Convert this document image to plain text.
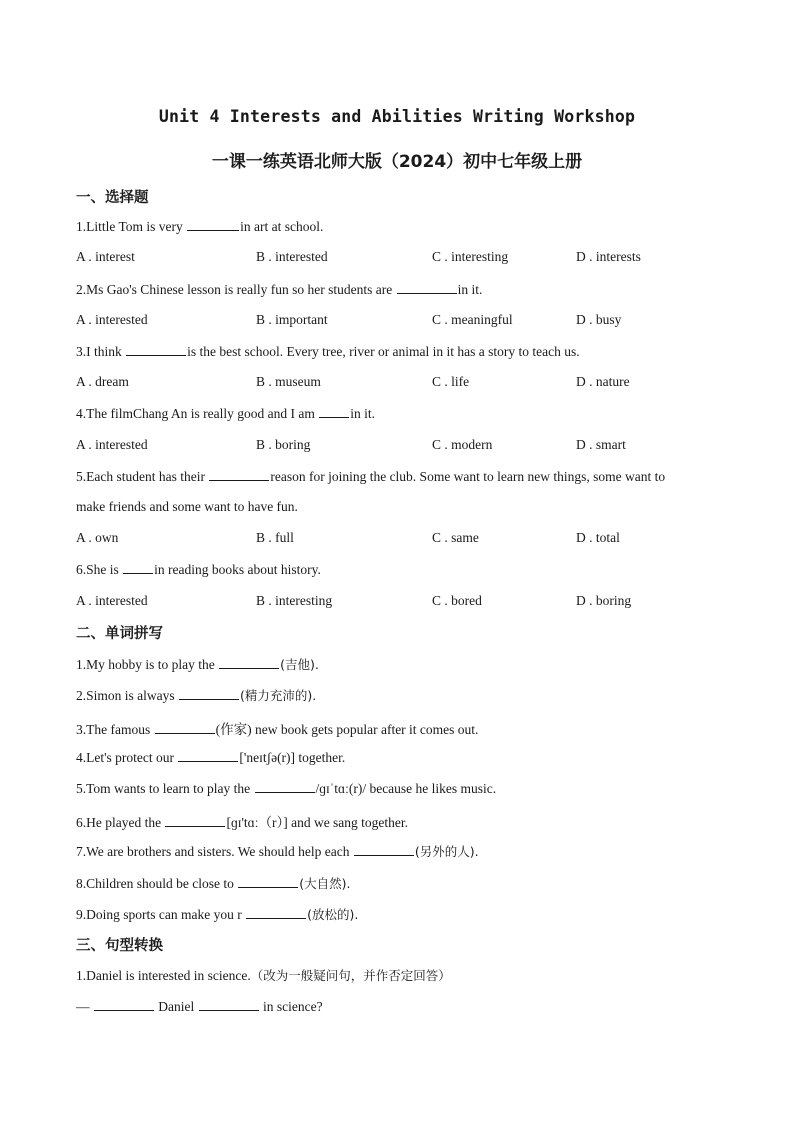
Unit 4 Interests and Abilities Writing Workshop
一课一练英语北师大版（2024）初中七年级上册
一、选择题
1.Little Tom is very	in art at school.
A . interest	B . interested	C . interesting	D . interests
2.Ms Gao's Chinese lesson is really fun so her students are	in it.
A . interested	B . important	C . meaningful	D . busy
3.I think	is the best school. Every tree, river or animal in it has a story to teach us.
A . dream	B . museum	C . life	D . nature
4.The filmChang An is really good and I am in it.
A . interested	B . boring	C . modern	D . smart
5.Each student has their	reason for joining the club. Some want to learn new things, some want to
make friends and some want to have fun.
A . own	B . full	C . same	D . total
6.She is in reading books about history.
A . interested	B . interesting	C . bored	D . boring
二、单词拼写
1.My hobby is to play the	(吉他).
2.Simon is always	(精力充沛的).
3.The famous	(作家) new book gets popular after it comes out.
4.Let's protect our	['neɪtʃə(r)] together.
5.Tom wants to learn to play the	/ɡɪˈtɑː(r)/ because he likes music.
6.He played the	[ɡɪ'tɑː（r）] and we sang together.
7.We are brothers and sisters. We should help each	(另外的人).
8.Children should be close to	(大自然).
9.Doing sports can make you r	(放松的).
三、句型转换
1.Daniel is interested in science.（改为一般疑问句，并作否定回答）
—	Daniel	in science?
